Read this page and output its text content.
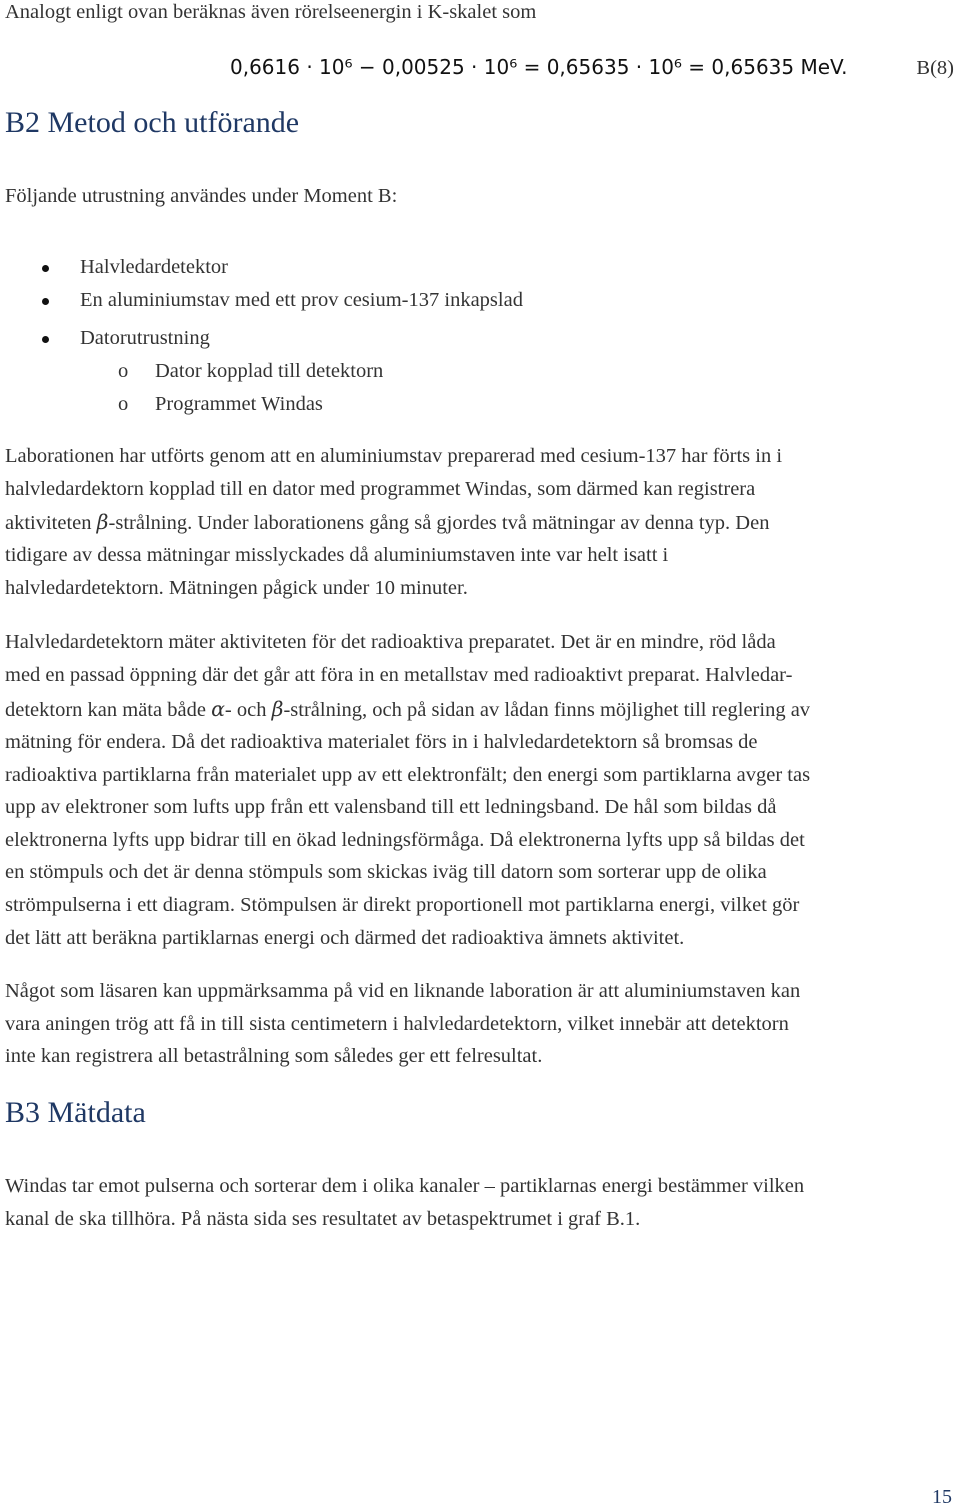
Analogt enligt ovan beräknas även rörelseenergin i K-skalet som
0,6616 · 10⁶ − 0,00525 · 10⁶ = 0,65635 · 10⁶ = 0,65635 MeV.	B(8)
B2 Metod och utförande
Följande utrustning användes under Moment B:
Halvledardetektor
En aluminiumstav med ett prov cesium-137 inkapslad
Datorutrustning
o Dator kopplad till detektorn
o Programmet Windas
Laborationen har utförts genom att en aluminiumstav preparerad med cesium-137 har förts in i
halvledardektorn kopplad till en dator med programmet Windas, som därmed kan registrera
aktiviteten β-strålning. Under laborationens gång så gjordes två mätningar av denna typ. Den
tidigare av dessa mätningar misslyckades då aluminiumstaven inte var helt isatt i
halvledardetektorn. Mätningen pågick under 10 minuter.
Halvledardetektorn mäter aktiviteten för det radioaktiva preparatet. Det är en mindre, röd låda
med en passad öppning där det går att föra in en metallstav med radioaktivt preparat. Halvledar-
detektorn kan mäta både α- och β-strålning, och på sidan av lådan finns möjlighet till reglering av
mätning för endera. Då det radioaktiva materialet förs in i halvledardetektorn så bromsas de
radioaktiva partiklarna från materialet upp av ett elektronfält; den energi som partiklarna avger tas
upp av elektroner som lufts upp från ett valensband till ett ledningsband. De hål som bildas då
elektronerna lyfts upp bidrar till en ökad ledningsförmåga. Då elektronerna lyfts upp så bildas det
en stömpuls och det är denna stömpuls som skickas iväg till datorn som sorterar upp de olika
strömpulserna i ett diagram. Stömpulsen är direkt proportionell mot partiklarna energi, vilket gör
det lätt att beräkna partiklarnas energi och därmed det radioaktiva ämnets aktivitet.
Något som läsaren kan uppmärksamma på vid en liknande laboration är att aluminiumstaven kan
vara aningen trög att få in till sista centimetern i halvledardetektorn, vilket innebär att detektorn
inte kan registrera all betastrålning som således ger ett felresultat.
B3 Mätdata
Windas tar emot pulserna och sorterar dem i olika kanaler – partiklarnas energi bestämmer vilken
kanal de ska tillhöra. På nästa sida ses resultatet av betaspektrumet i graf B.1.
15
